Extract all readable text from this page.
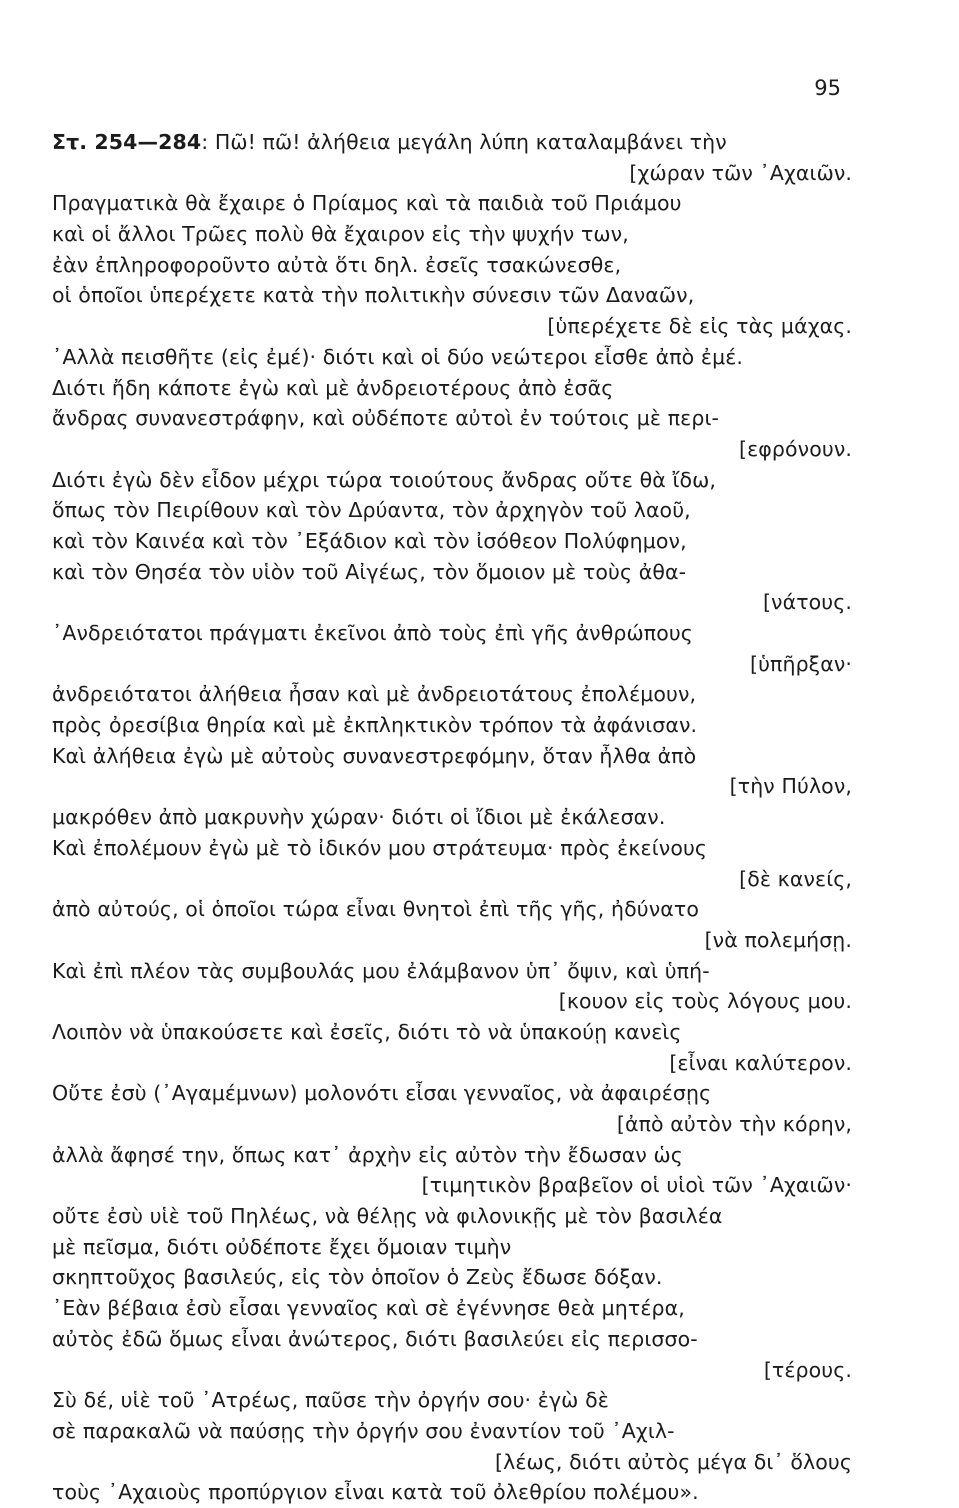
95
Στ. 254—284: Πῶ! πῶ! ἀλήθεια μεγάλη λύπη καταλαμβάνει τὴν
[χώραν τῶν ᾿Αχαιῶν.
Πραγματικὰ θὰ ἔχαιρε ὁ Πρίαμος καὶ τὰ παιδιὰ τοῦ Πριάμου
καὶ οἱ ἄλλοι Τρῶες πολὺ θὰ ἔχαιρον εἰς τὴν ψυχήν των,
ἐὰν ἐπληροφοροῦντο αὐτὰ ὅτι δηλ. ἐσεῖς τσακώνεσθε,
οἱ ὁποῖοι ὑπερέχετε κατὰ τὴν πολιτικὴν σύνεσιν τῶν Δαναῶν,
[ὑπερέχετε δὲ εἰς τὰς μάχας.
᾿Αλλὰ πεισθῆτε (εἰς ἐμέ)· διότι καὶ οἱ δύο νεώτεροι εἶσθε ἀπὸ ἐμέ.
Διότι ἤδη κάποτε ἐγὼ καὶ μὲ ἀνδρειοτέρους ἀπὸ ἐσᾶς
ἄνδρας συνανεστράφην, καὶ οὐδέποτε αὐτοὶ ἐν τούτοις μὲ περι-
[εφρόνουν.
Διότι ἐγὼ δὲν εἶδον μέχρι τώρα τοιούτους ἄνδρας οὔτε θὰ ἴδω,
ὅπως τὸν Πειρίθουν καὶ τὸν Δρύαντα, τὸν ἀρχηγὸν τοῦ λαοῦ,
καὶ τὸν Καινέα καὶ τὸν ᾿Εξάδιον καὶ τὸν ἰσόθεον Πολύφημον,
καὶ τὸν Θησέα τὸν υἱὸν τοῦ Αἰγέως, τὸν ὅμοιον μὲ τοὺς ἀθα-
[νάτους.
᾿Ανδρειότατοι πράγματι ἐκεῖνοι ἀπὸ τοὺς ἐπὶ γῆς ἀνθρώπους
[ὑπῆρξαν·
ἀνδρειότατοι ἀλήθεια ἦσαν καὶ μὲ ἀνδρειοτάτους ἐπολέμουν,
πρὸς ὀρεσίβια θηρία καὶ μὲ ἐκπληκτικὸν τρόπον τὰ ἀφάνισαν.
Καὶ ἀλήθεια ἐγὼ μὲ αὐτοὺς συνανεστρεφόμην, ὅταν ἦλθα ἀπὸ
[τὴν Πύλον,
μακρόθεν ἀπὸ μακρυνὴν χώραν· διότι οἱ ἴδιοι μὲ ἐκάλεσαν.
Καὶ ἐπολέμουν ἐγὼ μὲ τὸ ἰδικόν μου στράτευμα· πρὸς ἐκείνους
[δὲ κανείς,
ἀπὸ αὐτούς, οἱ ὁποῖοι τώρα εἶναι θνητοὶ ἐπὶ τῆς γῆς, ἠδύνατο
[νὰ πολεμήσῃ.
Καὶ ἐπὶ πλέον τὰς συμβουλάς μου ἐλάμβανον ὑπ᾿ ὄψιν, καὶ ὑπή-
[κουον εἰς τοὺς λόγους μου.
Λοιπὸν νὰ ὑπακούσετε καὶ ἐσεῖς, διότι τὸ νὰ ὑπακούῃ κανεὶς
[εἶναι καλύτερον.
Οὔτε ἐσὺ (᾿Αγαμέμνων) μολονότι εἶσαι γενναῖος, νὰ ἀφαιρέσῃς
[ἀπὸ αὐτὸν τὴν κόρην,
ἀλλὰ ἄφησέ την, ὅπως κατ᾿ ἀρχὴν εἰς αὐτὸν τὴν ἔδωσαν ὡς
[τιμητικὸν βραβεῖον οἱ υἱοὶ τῶν ᾿Αχαιῶν·
οὔτε ἐσὺ υἱὲ τοῦ Πηλέως, νὰ θέλῃς νὰ φιλονικῇς μὲ τὸν βασιλέα
μὲ πεῖσμα, διότι οὐδέποτε ἔχει ὅμοιαν τιμὴν
σκηπτοῦχος βασιλεύς, εἰς τὸν ὁποῖον ὁ Ζεὺς ἔδωσε δόξαν.
᾿Εὰν βέβαια ἐσὺ εἶσαι γενναῖος καὶ σὲ ἐγέννησε θεὰ μητέρα,
αὐτὸς ἐδῶ ὅμως εἶναι ἀνώτερος, διότι βασιλεύει εἰς περισσο-
[τέρους.
Σὺ δέ, υἱὲ τοῦ ᾿Ατρέως, παῦσε τὴν ὀργήν σου· ἐγὼ δὲ
σὲ παρακαλῶ νὰ παύσῃς τὴν ὀργήν σου ἐναντίον τοῦ ᾿Αχιλ-
[λέως, διότι αὐτὸς μέγα δι᾿ ὅλους
τοὺς ᾿Αχαιοὺς προπύργιον εἶναι κατὰ τοῦ ὀλεθρίου πολέμου».
